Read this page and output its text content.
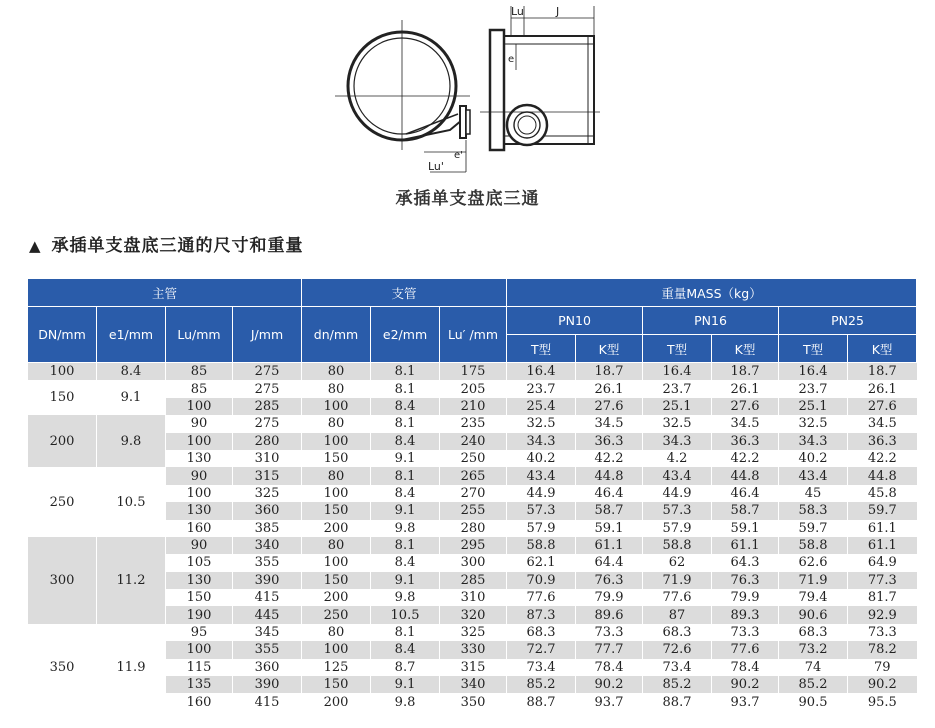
Lu	J
e
Lu'
e'
承插单支盘底三通
▲ 承插单支盘底三通的尺寸和重量
主管				支管			重量MASS（kg）					
DN/mm	e1/mm	Lu/mm	J/mm	dn/mm	e2/mm	Lu′ /mm	PN10		PN16		PN25	
							T型	K型	T型	K型	T型	K型
100	8.4	85	275	80	8.1	175	16.4	18.7	16.4	18.7	16.4	18.7
150	9.1	85	275	80	8.1	205	23.7	26.1	23.7	26.1	23.7	26.1
		100	285	100	8.4	210	25.4	27.6	25.1	27.6	25.1	27.6
200	9.8	90	275	80	8.1	235	32.5	34.5	32.5	34.5	32.5	34.5
		100	280	100	8.4	240	34.3	36.3	34.3	36.3	34.3	36.3
		130	310	150	9.1	250	40.2	42.2	4.2	42.2	40.2	42.2
250	10.5	90	315	80	8.1	265	43.4	44.8	43.4	44.8	43.4	44.8
		100	325	100	8.4	270	44.9	46.4	44.9	46.4	45	45.8
		130	360	150	9.1	255	57.3	58.7	57.3	58.7	58.3	59.7
		160	385	200	9.8	280	57.9	59.1	57.9	59.1	59.7	61.1
300	11.2	90	340	80	8.1	295	58.8	61.1	58.8	61.1	58.8	61.1
		105	355	100	8.4	300	62.1	64.4	62	64.3	62.6	64.9
		130	390	150	9.1	285	70.9	76.3	71.9	76.3	71.9	77.3
		150	415	200	9.8	310	77.6	79.9	77.6	79.9	79.4	81.7
		190	445	250	10.5	320	87.3	89.6	87	89.3	90.6	92.9
350	11.9	95	345	80	8.1	325	68.3	73.3	68.3	73.3	68.3	73.3
		100	355	100	8.4	330	72.7	77.7	72.6	77.6	73.2	78.2
		115	360	125	8.7	315	73.4	78.4	73.4	78.4	74	79
		135	390	150	9.1	340	85.2	90.2	85.2	90.2	85.2	90.2
		160	415	200	9.8	350	88.7	93.7	88.7	93.7	90.5	95.5
